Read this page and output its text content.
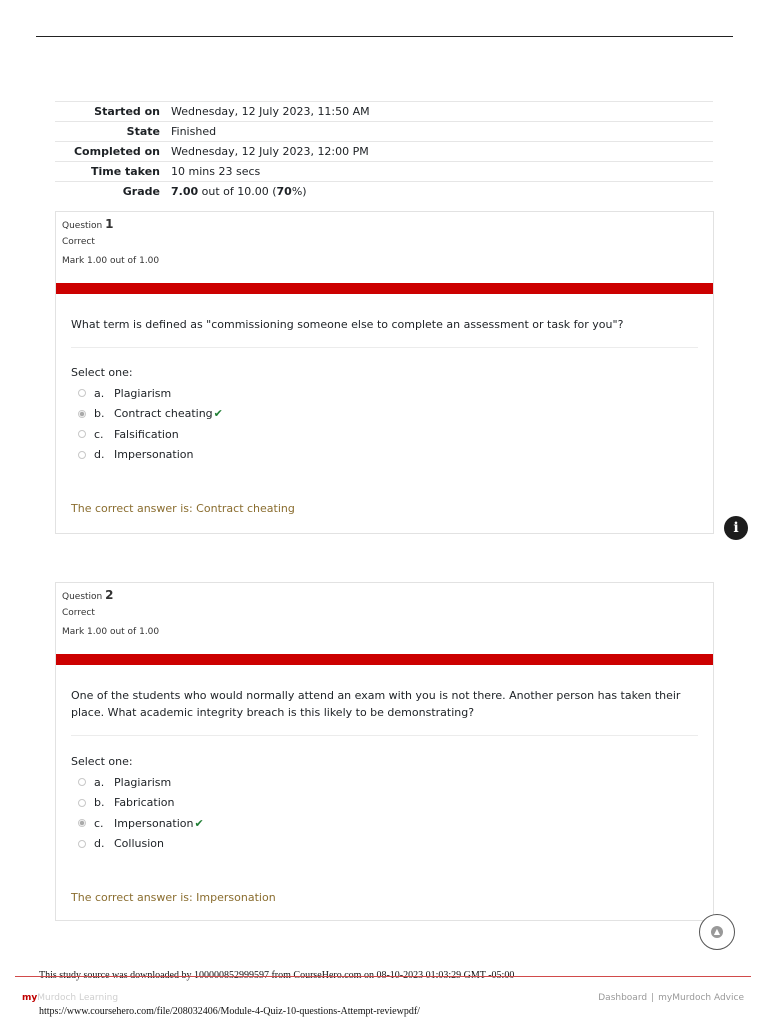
Started on	Wednesday, 12 July 2023, 11:50 AM
State	Finished
Completed on	Wednesday, 12 July 2023, 12:00 PM
Time taken	10 mins 23 secs
Grade	7.00 out of 10.00 (70%)
Question 1
Correct
Mark 1.00 out of 1.00
What term is defined as "commissioning someone else to complete an assessment or task for you"?
Select one:
a. Plagiarism
b. Contract cheating ✔
c. Falsification
d. Impersonation
The correct answer is: Contract cheating
Question 2
Correct
Mark 1.00 out of 1.00
One of the students who would normally attend an exam with you is not there. Another person has taken their place. What academic integrity breach is this likely to be demonstrating?
Select one:
a. Plagiarism
b. Fabrication
c. Impersonation ✔
d. Collusion
The correct answer is: Impersonation
i
▲
myMurdoch Learning	Dashboard | myMurdoch Advice
https://www.coursehero.com/file/208032406/Module-4-Quiz-10-questions-Attempt-reviewpdf/
